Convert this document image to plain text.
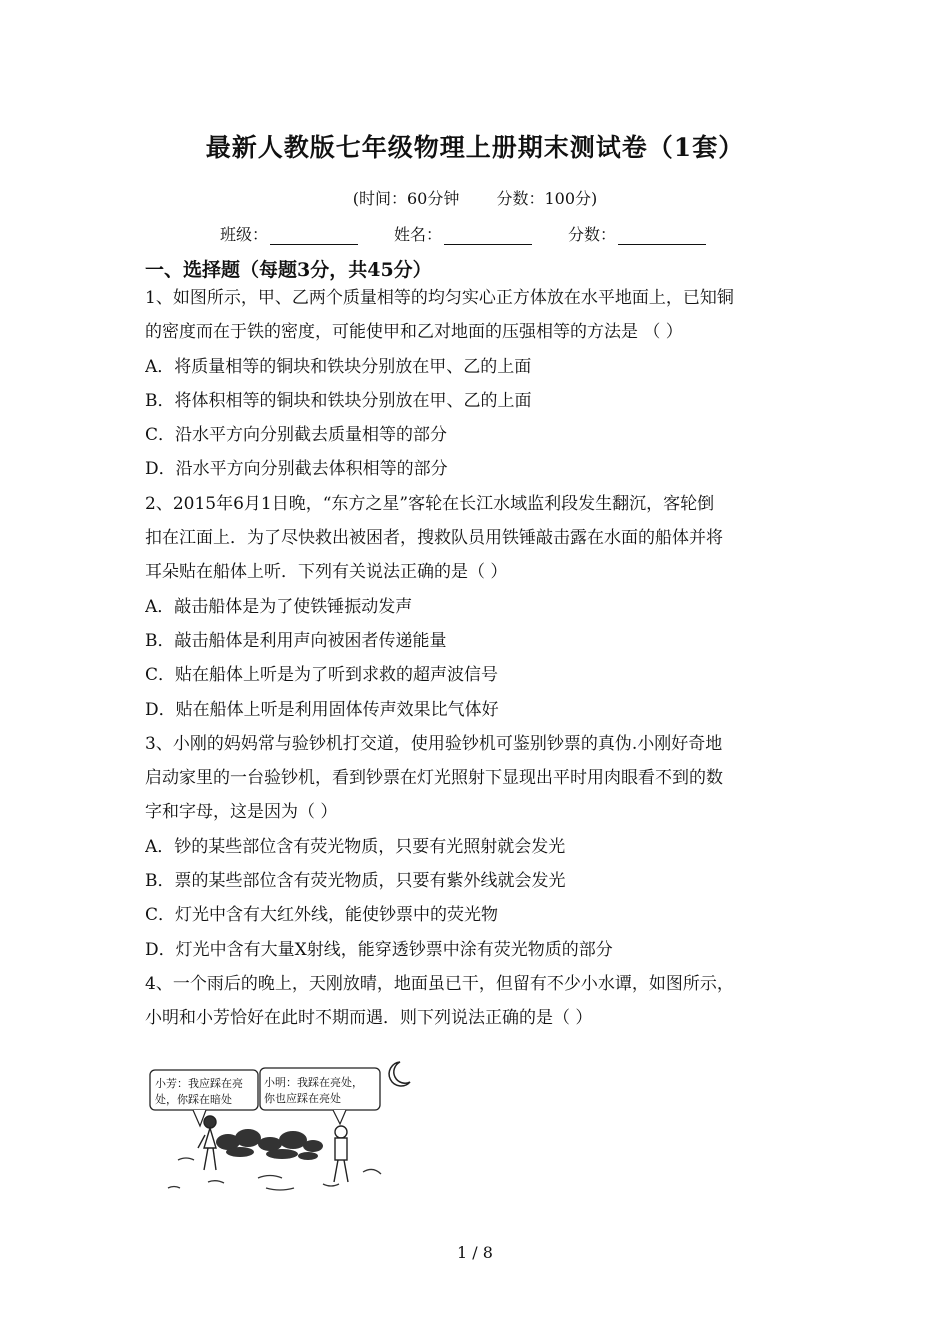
最新人教版七年级物理上册期末测试卷（1套）
(时间：60分钟 分数：100分)
班级：	姓名：	分数：
一、选择题（每题3分，共45分）
1、如图所示，甲、乙两个质量相等的均匀实心正方体放在水平地面上，已知铜
的密度而在于铁的密度，可能使甲和乙对地面的压强相等的方法是 （ ）
A．将质量相等的铜块和铁块分别放在甲、乙的上面
B．将体积相等的铜块和铁块分别放在甲、乙的上面
C．沿水平方向分别截去质量相等的部分
D．沿水平方向分别截去体积相等的部分
2、2015年6月1日晚，“东方之星”客轮在长江水域监利段发生翻沉，客轮倒
扣在江面上．为了尽快救出被困者，搜救队员用铁锤敲击露在水面的船体并将
耳朵贴在船体上听．下列有关说法正确的是（ ）
A．敲击船体是为了使铁锤振动发声
B．敲击船体是利用声向被困者传递能量
C．贴在船体上听是为了听到求救的超声波信号
D．贴在船体上听是利用固体传声效果比气体好
3、小刚的妈妈常与验钞机打交道，使用验钞机可鉴别钞票的真伪.小刚好奇地
启动家里的一台验钞机，看到钞票在灯光照射下显现出平时用肉眼看不到的数
字和字母，这是因为（ ）
A．钞的某些部位含有荧光物质，只要有光照射就会发光
B．票的某些部位含有荧光物质，只要有紫外线就会发光
C．灯光中含有大红外线，能使钞票中的荧光物
D．灯光中含有大量X射线，能穿透钞票中涂有荧光物质的部分
4、一个雨后的晚上，天刚放晴，地面虽已干，但留有不少小水谭，如图所示，
小明和小芳恰好在此时不期而遇．则下列说法正确的是（ ）
小芳：我应踩在亮
处，你踩在暗处
小明：我踩在亮处，
你也应踩在亮处
1 / 8
